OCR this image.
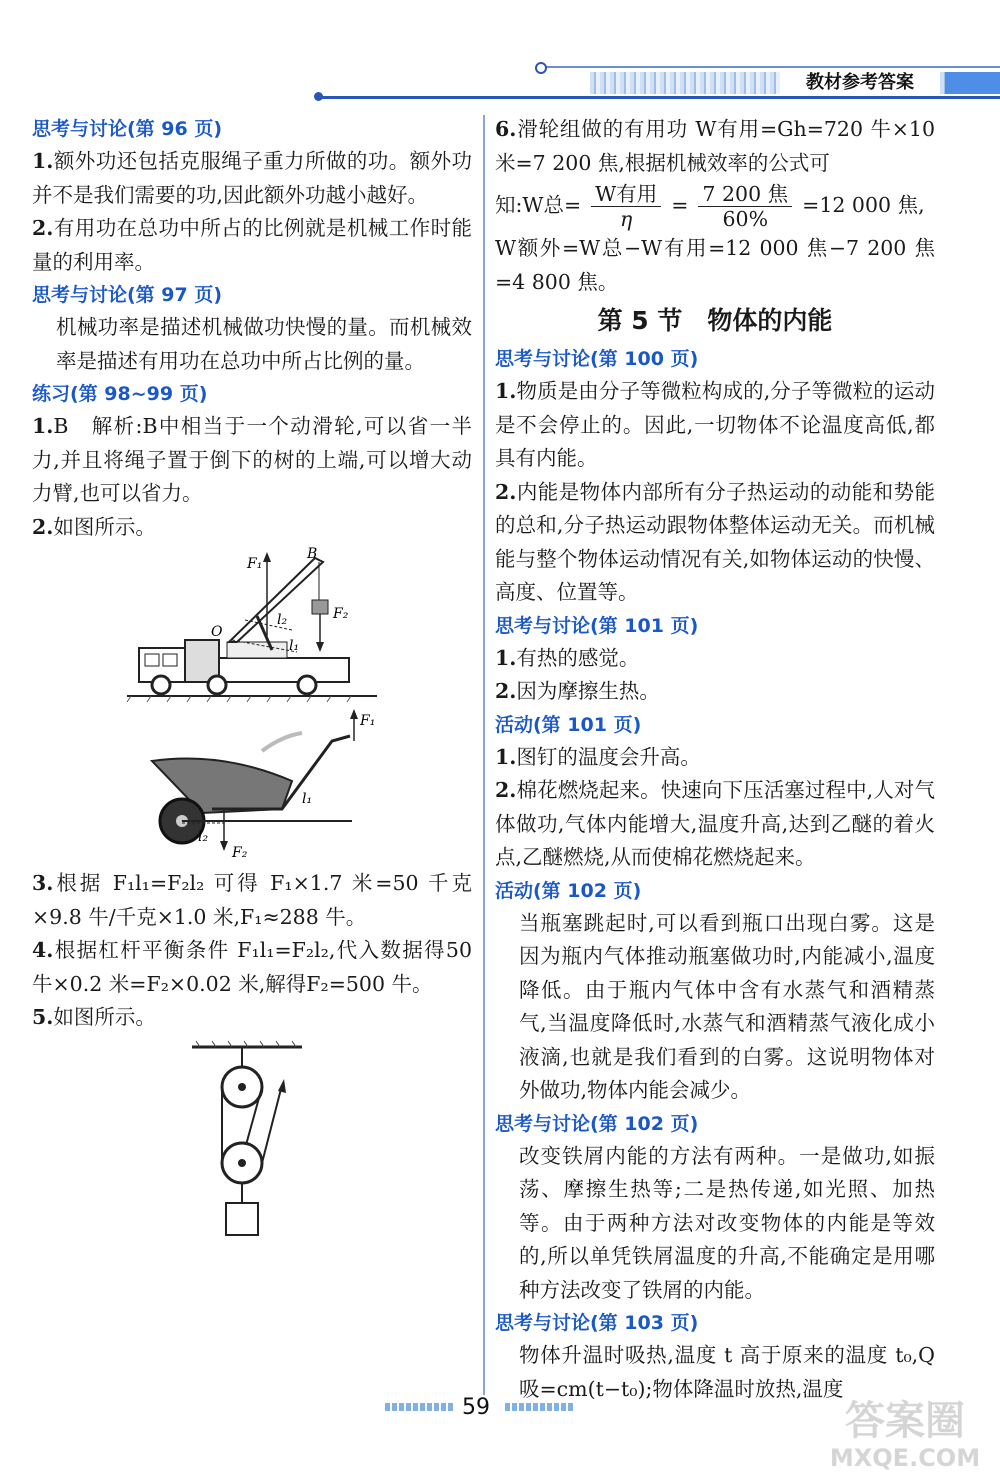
教材参考答案
思考与讨论(第 96 页)
1.额外功还包括克服绳子重力所做的功。额外功并不是我们需要的功,因此额外功越小越好。
2.有用功在总功中所占的比例就是机械工作时能量的利用率。
思考与讨论(第 97 页)
机械功率是描述机械做功快慢的量。而机械效率是描述有用功在总功中所占比例的量。
练习(第 98~99 页)
1.B　解析:B中相当于一个动滑轮,可以省一半力,并且将绳子置于倒下的树的上端,可以增大动力臂,也可以省力。
2.如图所示。
F₁
B
F₂
O
l₂
l₁
F₁
l₁
l₂
F₂
3.根据 F₁l₁=F₂l₂ 可得 F₁×1.7 米=50 千克×9.8 牛/千克×1.0 米,F₁≈288 牛。
4.根据杠杆平衡条件 F₁l₁=F₂l₂,代入数据得50 牛×0.2 米=F₂×0.02 米,解得F₂=500 牛。
5.如图所示。
6.滑轮组做的有用功 W有用=Gh=720 牛×10 米=7 200 焦,根据机械效率的公式可
知:W总= W有用
η
= 7 200 焦
60%
=12 000 焦,
W额外=W总−W有用=12 000 焦−7 200 焦=4 800 焦。
第 5 节　物体的内能
思考与讨论(第 100 页)
1.物质是由分子等微粒构成的,分子等微粒的运动是不会停止的。因此,一切物体不论温度高低,都具有内能。
2.内能是物体内部所有分子热运动的动能和势能的总和,分子热运动跟物体整体运动无关。而机械能与整个物体运动情况有关,如物体运动的快慢、高度、位置等。
思考与讨论(第 101 页)
1.有热的感觉。
2.因为摩擦生热。
活动(第 101 页)
1.图钉的温度会升高。
2.棉花燃烧起来。快速向下压活塞过程中,人对气体做功,气体内能增大,温度升高,达到乙醚的着火点,乙醚燃烧,从而使棉花燃烧起来。
活动(第 102 页)
当瓶塞跳起时,可以看到瓶口出现白雾。这是因为瓶内气体推动瓶塞做功时,内能减小,温度降低。由于瓶内气体中含有水蒸气和酒精蒸气,当温度降低时,水蒸气和酒精蒸气液化成小液滴,也就是我们看到的白雾。这说明物体对外做功,物体内能会减少。
思考与讨论(第 102 页)
改变铁屑内能的方法有两种。一是做功,如振荡、摩擦生热等;二是热传递,如光照、加热等。由于两种方法对改变物体的内能是等效的,所以单凭铁屑温度的升高,不能确定是用哪种方法改变了铁屑的内能。
思考与讨论(第 103 页)
物体升温时吸热,温度 t 高于原来的温度 t₀,Q吸=cm(t−t₀);物体降温时放热,温度
59	答案圈
MXQE.COM
